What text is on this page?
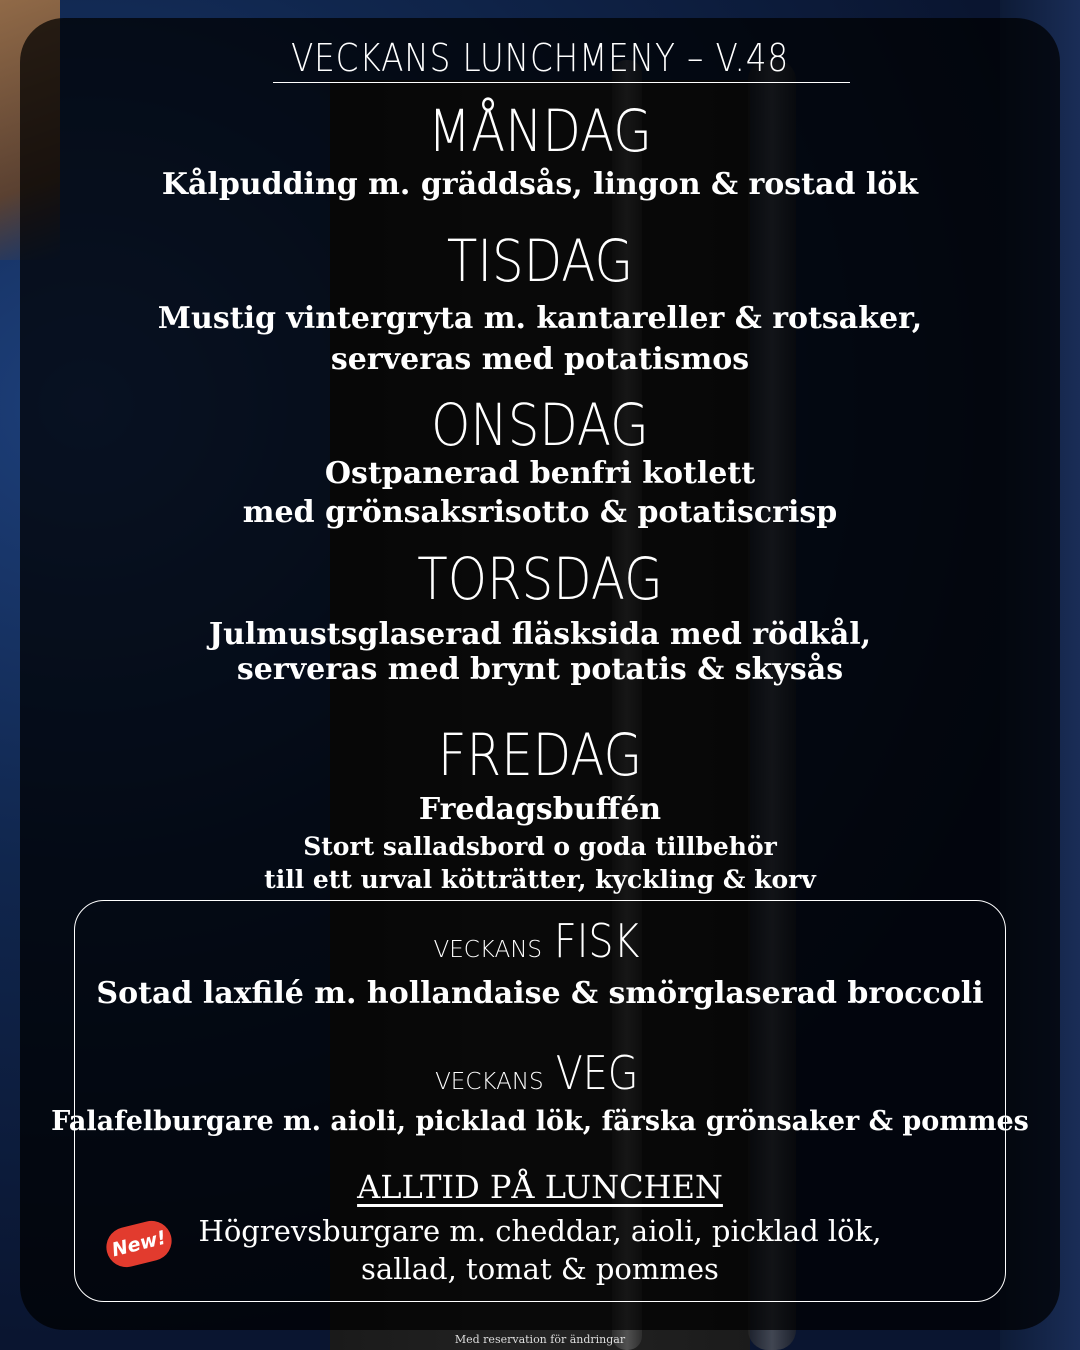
VECKANS LUNCHMENY – V.48
MÅNDAG
Kålpudding m. gräddsås, lingon & rostad lök
TISDAG
Mustig vintergryta m. kantareller & rotsaker,
serveras med potatismos
ONSDAG
Ostpanerad benfri kotlett
med grönsaksrisotto & potatiscrisp
TORSDAG
Julmustsglaserad fläsksida med rödkål,
serveras med brynt potatis & skysås
FREDAG
Fredagsbuffén
Stort salladsbord o goda tillbehör
till ett urval kötträtter, kyckling & korv
VECKANS FISK
Sotad laxfilé m. hollandaise & smörglaserad broccoli
VECKANS VEG
Falafelburgare m. aioli, picklad lök, färska grönsaker & pommes
ALLTID PÅ LUNCHEN
Högrevsburgare m. cheddar, aioli, picklad lök,
sallad, tomat & pommes
New!
Med reservation för ändringar
